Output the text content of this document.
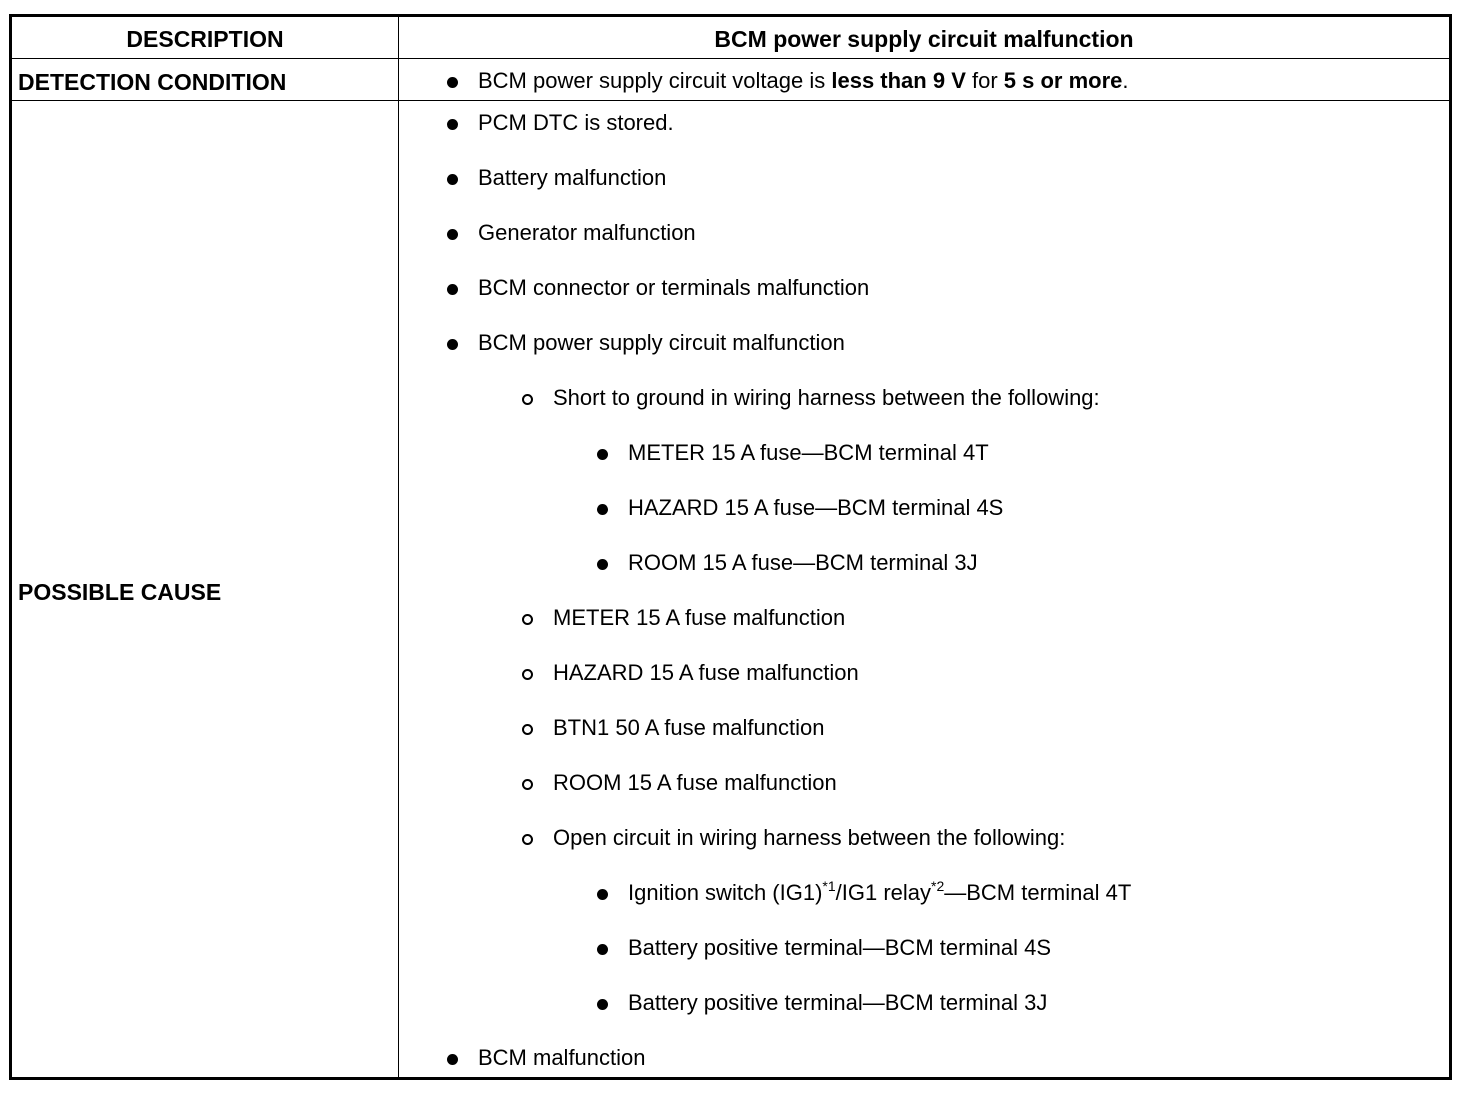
DESCRIPTION	BCM power supply circuit malfunction
DETECTION CONDITION	BCM power supply circuit voltage is less than 9 V for 5 s or more.
POSSIBLE CAUSE
PCM DTC is stored.
Battery malfunction
Generator malfunction
BCM connector or terminals malfunction
BCM power supply circuit malfunction
Short to ground in wiring harness between the following:
METER 15 A fuse—BCM terminal 4T
HAZARD 15 A fuse—BCM terminal 4S
ROOM 15 A fuse—BCM terminal 3J
METER 15 A fuse malfunction
HAZARD 15 A fuse malfunction
BTN1 50 A fuse malfunction
ROOM 15 A fuse malfunction
Open circuit in wiring harness between the following:
Ignition switch $(IG1)^{*1}/IG1$ relay$^{*2}$—BCM terminal 4T
Battery positive terminal—BCM terminal 4S
Battery positive terminal—BCM terminal 3J
BCM malfunction
